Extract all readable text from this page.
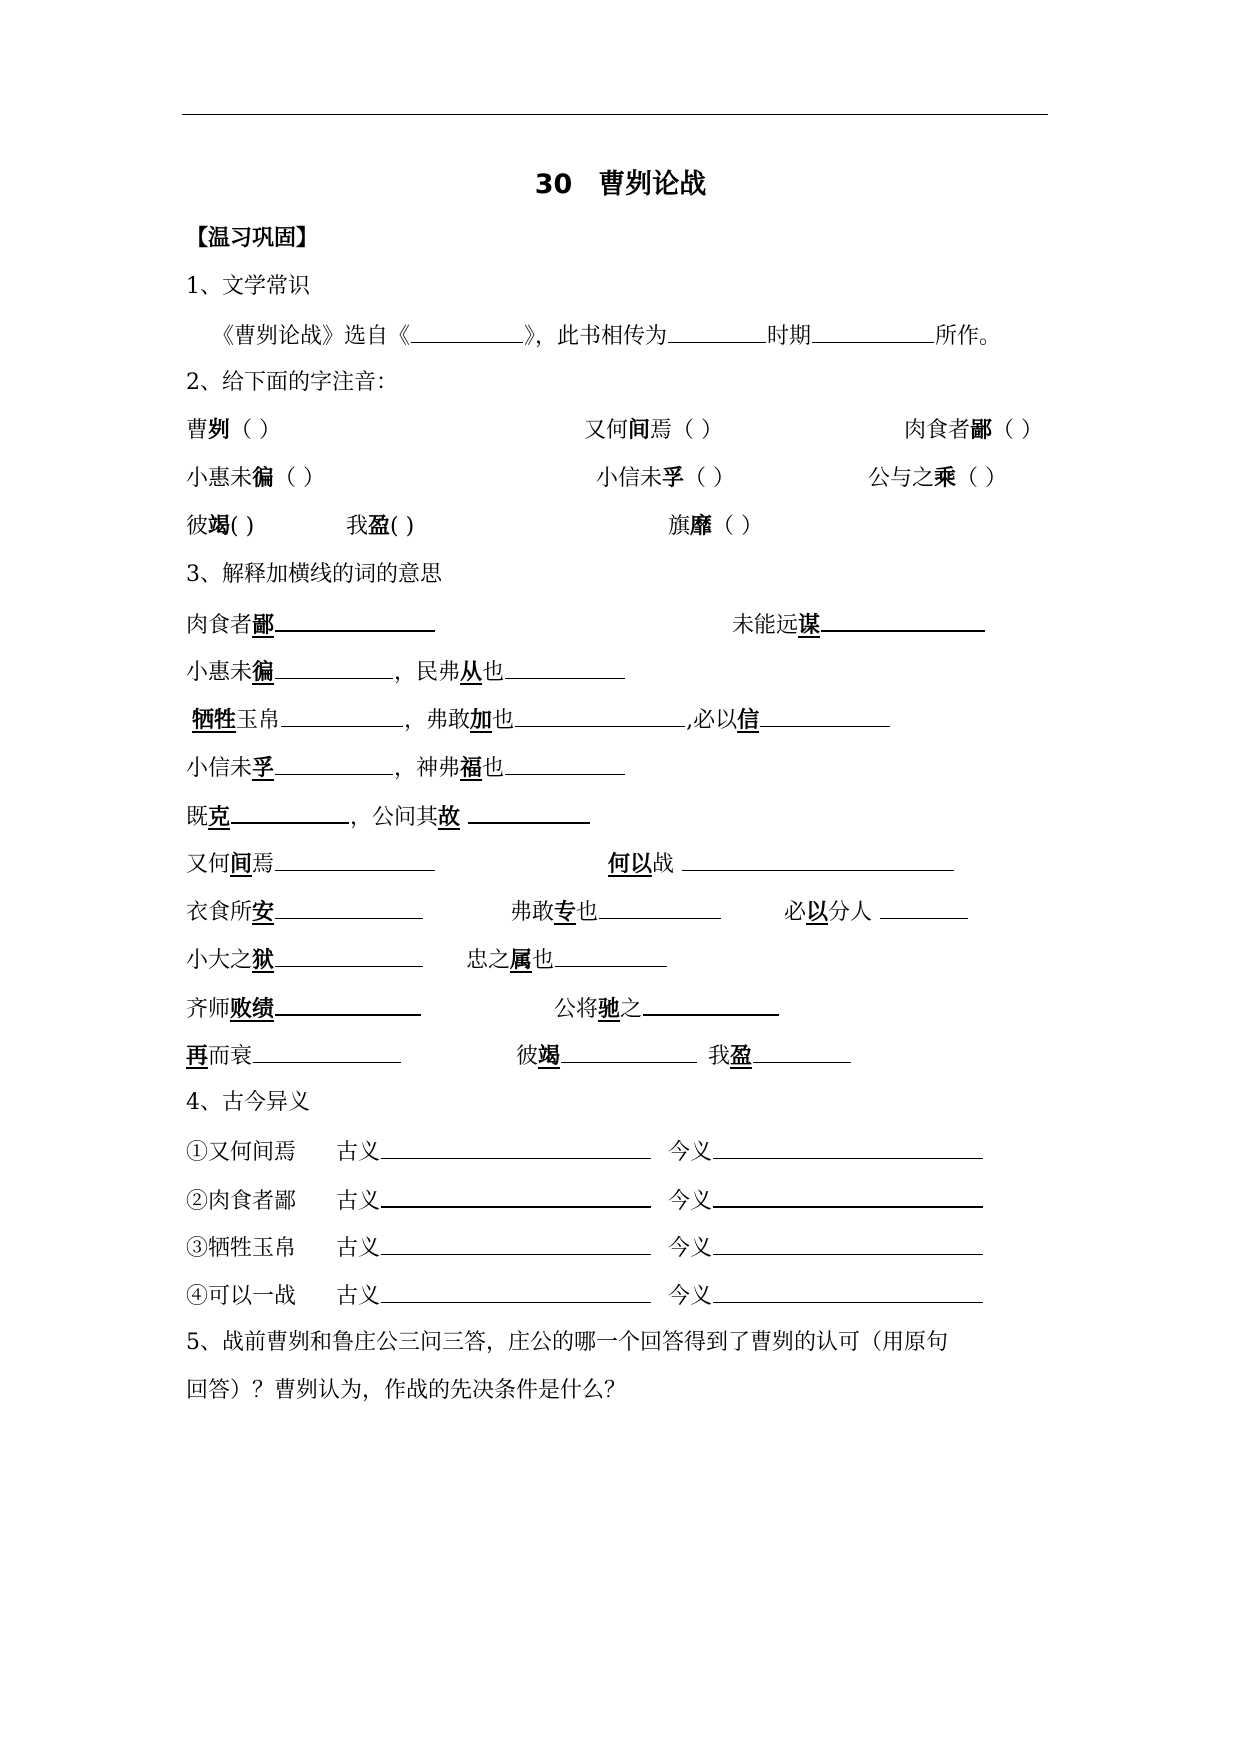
30 曹刿论战
【温习巩固】
1、文学常识
《曹刿论战》选自《	》，此书相传为	时期	所作。
2、给下面的字注音：
曹刿（ ）	又何间焉（ ）	肉食者鄙（ ）
小惠未徧（ ）	小信未孚（ ）	公与之乘（ ）
彼竭( )	我盈( )	旗靡（ ）
3、解释加横线的词的意思
肉食者鄙	未能远谋
小惠未徧	，民弗从也
牺牲玉帛	，弗敢加也	,必以信
小信未孚	，神弗福也
既克	，公问其故
又何间焉	何以战
衣食所安	弗敢专也	必以分人
小大之狱	忠之属也
齐师败绩	公将驰之
再而衰	彼竭	我盈
4、古今异义
①又何间焉 古义	今义
②肉食者鄙 古义	今义
③牺牲玉帛 古义	今义
④可以一战 古义	今义
5、战前曹刿和鲁庄公三问三答，庄公的哪一个回答得到了曹刿的认可（用原句
回答）？曹刿认为，作战的先决条件是什么？
